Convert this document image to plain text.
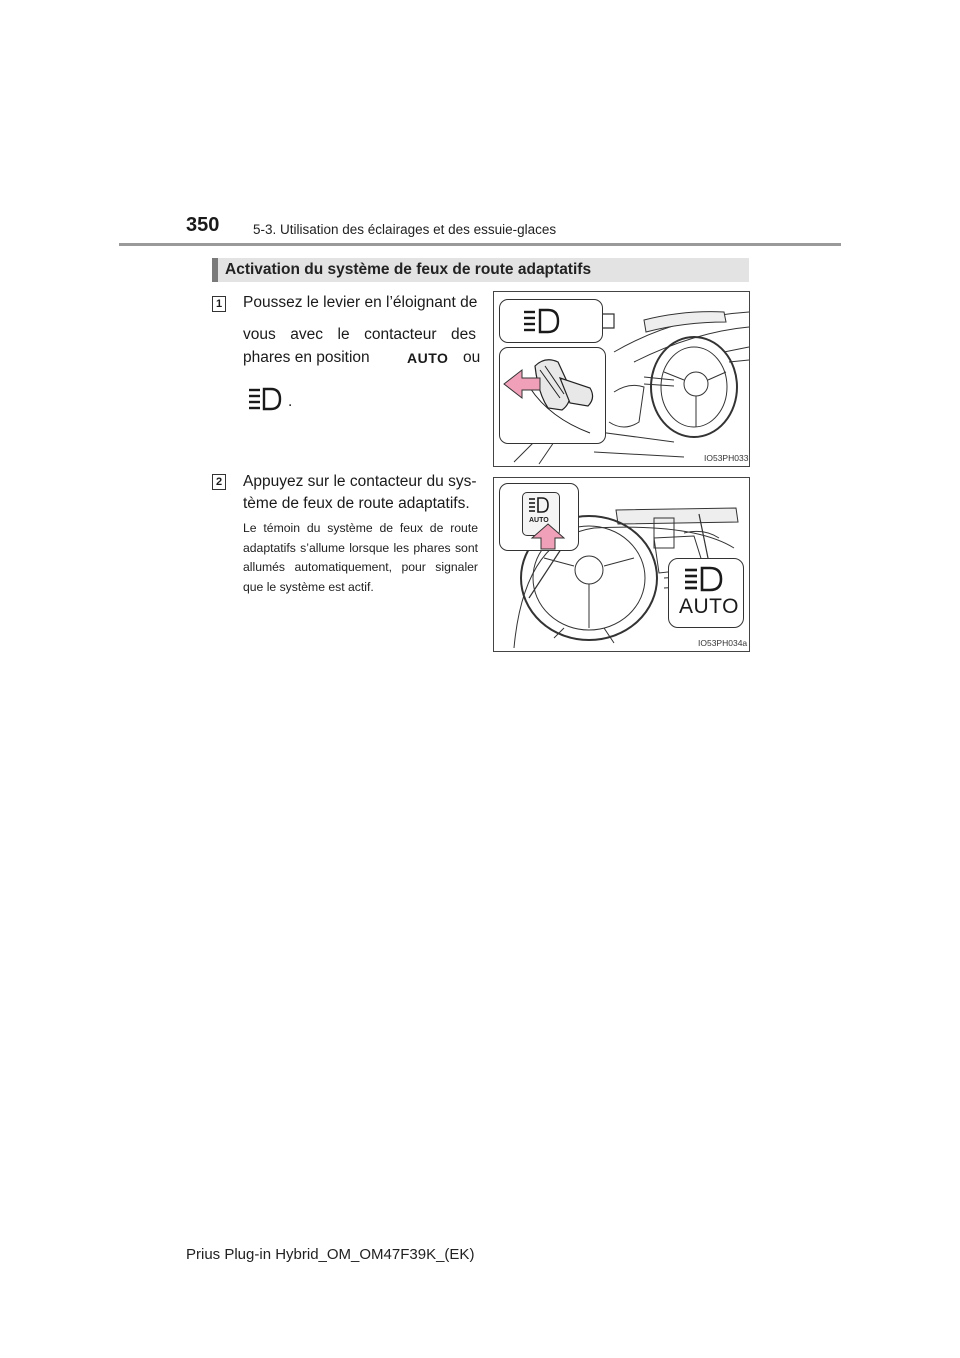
350 5-3. Utilisation des éclairages et des essuie-glaces
Activation du système de feux de route adaptatifs
1 Poussez le levier en l’éloignant de
vous avec le contacteur des
phares en position	AUTO ou
.
IO53PH033
2 Appuyez sur le contacteur du sys-
tème de feux de route adaptatifs.
Le témoin du système de feux de route adaptatifs s’allume lorsque les phares sont allumés automatiquement, pour signaler que le système est actif.
AUTO
AUTO
IO53PH034a
Prius Plug-in Hybrid_OM_OM47F39K_(EK)
